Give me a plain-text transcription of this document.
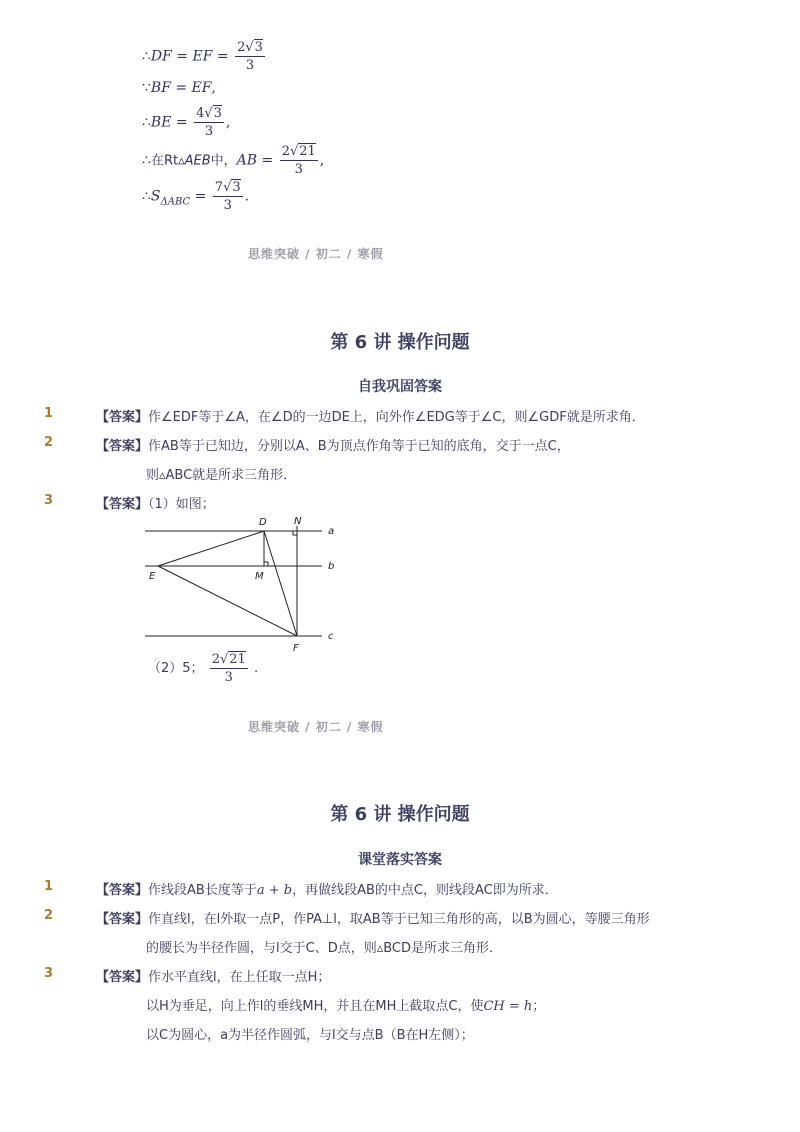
∴DF = EF = $\frac{2√3}{3}$
∵BF = EF,
∴BE = $\frac{4√3}{3}$ ,
∴在Rt▵AEB中，AB = $\frac{2√21}{3}$ ,
$\therefore S_{\Delta ABC} = \frac{7√3}{3}$ .
思维突破 / 初二 / 寒假
第 6 讲 操作问题
自我巩固答案
1	【答案】作∠EDF等于∠A，在∠D的一边DE上，向外作∠EDG等于∠C，则∠GDF就是所求角．
2	【答案】作AB等于已知边，分别以A、B为顶点作角等于已知的底角，交于一点C，
则▵ABC就是所求三角形．
3	【答案】（1）如图；
D	N
a
b
E	M
c
F
（2）5； $\frac{2√21}{3}$ .
思维突破 / 初二 / 寒假
第 6 讲 操作问题
课堂落实答案
1	【答案】作线段AB长度等于a + b，再做线段AB的中点C，则线段AC即为所求．
2	【答案】作直线l，在l外取一点P，作PA⊥l，取AB等于已知三角形的高，以B为圆心，等腰三角形
的腰长为半径作圆，与l交于C、D点，则▵BCD是所求三角形．
3	【答案】作水平直线l，在上任取一点H；
以H为垂足，向上作l的垂线MH，并且在MH上截取点C，使CH = h；
以C为圆心，a为半径作圆弧，与l交与点B（B在H左侧）；
